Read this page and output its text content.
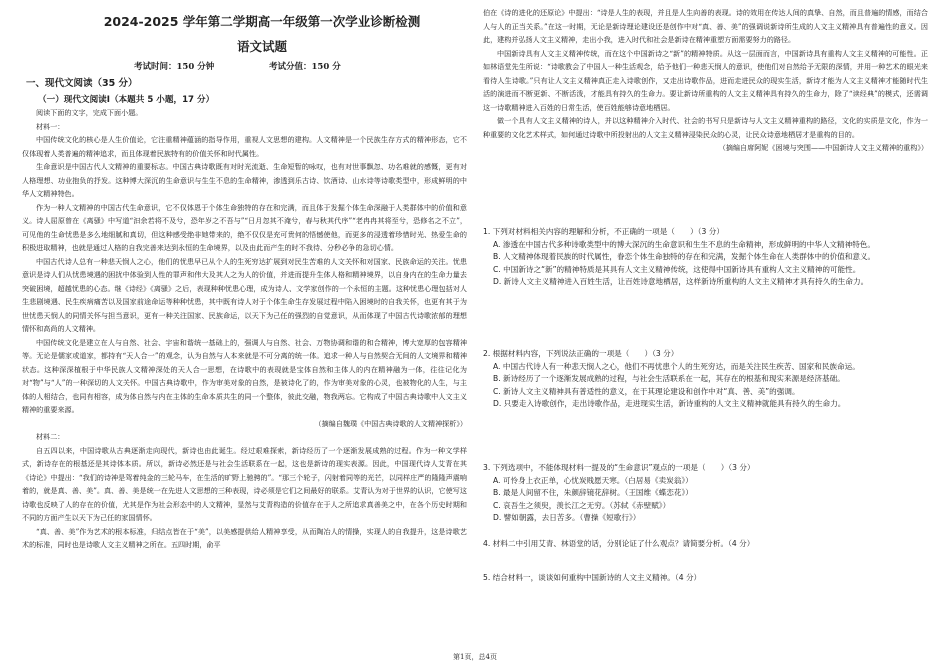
2024-2025 学年第二学期高一年级第一次学业诊断检测
语文试题
考试时间：150 分钟	考试分值：150 分
一、现代文阅读（35 分）
（一）现代文阅读Ⅰ（本题共 5 小题，17 分）

阅读下面的文字，完成下面小题。

材料一：

中国传统文化的核心是人生价值论，它注重精神蕴涵的指导作用，重视人文思想的建构。人文精神是一个民族生存方式的精神形态，它不仅体现着人类普遍的精神追求，而且体现着民族特有的价值关怀和时代属性。

生命意识是中国古代人文精神的重要标志。中国古典诗歌既有对时光流逝、生命短暂的咏叹，也有对世事飘忽、功名难就的感慨，更有对人格理想、功业抱负的抒发。这种博大深沉的生命意识与生生不息的生命精神，渗透到乐古诗、饮酒诗、山水诗等诗歌类型中，形成鲜明的中华人文精神特色。

作为一种人文精神的中国古代生命意识，它不仅体恩于个体生命独特的存在和完满，而且体于发掘个体生命深融于人类群体中的价值和意义。诗人屈原曾在《离骚》中写道“汩余若将不及兮，恐年岁之不吾与”“日月忽其不淹兮，春与秋其代序”“老冉冉其将至兮，恐修名之不立”，可见他的生命忧患是多么地细腻和真切，但这种感受绝非她带来的，绝不仅仅是充可贵何的悟憾使他，而更多的浸透着珍惜时光、热爱生命的积极进取精神，也就是通过人格的自我完善来达到永恒的生命境界，以及由此而产生的时不我待、分秒必争的急切心情。

中国古代诗人总有一种悲天悯人之心，他们的忧患早已从个人的生死穷达扩展到对民生苦难的人文关怀和对国家、民族命运的关注。忧患意识是诗人们从忧患境遇的困扰中体验到人性的罪声和伟大及其人之为人的价值，并进而提升生体人格和精神境界，以自身内在的生命力量去突破困境，超越忧患的心态。继《诗经》《离骚》之后，表现种种忧患心理，成为诗人、文学家创作的一个永恒的主题。这种忧患心理包括对人生悲剧境遇、民生疾病痛苦以及国家前途命运等种种忧患，其中既有诗人对于个体生命生存发展过程中陷入困境时的自我关怀，也更有其于为世忧患天悯人的同情关怀与担当意识，更有一种关注国家、民族命运，以天下为己任的强烈的自觉意识，从而体现了中国古代诗歌浓郁的理想情怀和高尚的人文精神。

中国传统文化是建立在人与自然、社会、宇宙和谐统一基础上的，强调人与自然、社会、万物协调和谐的和合精神，博大宽厚的包容精神等。无论是儒家或道家，都持有“天人合一”的观念，认为自然与人本来就是不可分离的统一体。追求一种人与自然契合无间的人文境界和精神状态。这种深深植根于中华民族人文精神深处的天人合一思想，在诗歌中的表现就是宝体自然和主体人的内在精神融为一体，往往记化为对“物”与“人”的一种深切的人文关怀。中国古典诗歌中，作为审美对象的自然，是被诗化了的，作为审美对象的心灵，也被物化的人生，与主体的人相结合，也同有相容，成为体自然与内在主体的生命本质共生的同一个整体，彼此交融，物我两忘。它构成了中国古典诗歌中人文主义精神的重要来源。

（摘编自魏璞《中国古典诗歌的人文精神探析》）

材料二：

自五四以来，中国诗歌从古典逐渐走向现代，新诗也由此诞生。经过艰难探索，新诗经历了一个逐渐发展成熟的过程。作为一种文学样式，新诗存在的根基还是其诗体本质。所以，新诗必然还是与社会生活联系在一起，这也是新诗的现实表源。因此，中国现代诗人艾青在其《诗论》中提出：“我们的诗神是驾着纯金的三轮马车，在生活的旷野上驰骋的”。“那三个轮子，闪射着同等的光芒，以同样庄严的隆隆声震响着的，就是真、善、美”。真、善、美是统一在先进人文思想的三种表现，诗必须是它们之间最好的联系。艾青认为对于世界的认识，它使写这诗歌也反映了人的存在的价值，尤其是作为社会形态中的人文精神，显然与艾青构造的价值存在于人之所追求真善美之中，在各个历史时期和不同的方面产生以天下为己任的家国情怀。

“真、善、美”作为艺术的根本标准，归结点皆在于“美”，以美感提供给人精神享受，从而陶冶人的情操，实现人的自我提升，这是诗歌艺术的标准，同时也是诗歌人文主义精神之所在。五四时期，俞平

伯在《诗的进化的还原论》中提出：“诗是人生的表现，并且是人生向善的表现。诗的效用在传达人间的真挚、自然，而且普遍的情感，而结合人与人的正当关系。”在这一时期，无论是新诗理论建设还是创作中对“真、善、美”的强调说新诗所生成的人文主义精神具有普遍性的意义。因此，建构并弘扬人文主义精神，走出小我，进入时代和社会是新诗在精神重塑方面需要努力的路径。

中国新诗具有人文主义精神传统，而在这个中国新诗之“新”的精神特质。从这一层面而言，中国新诗具有重构人文主义精神的可能性。正如林语堂先生所说：“诗歌教会了中国人一种生活观念，给予他们一种悲天悯人的意识，使他们对自然给予无限的深情，并用一种艺术的眼光来看待人生诗歌。”只有让人文主义精神真正走入诗歌创作，又走出诗歌作品，进而走进民众的现实生活，新诗才能为人文主义精神才能随时代生活的演进而不断更新、不断活泼，才能具有持久的生命力。要让新诗所重构的人文主义精神具有持久的生命力，除了“读经典”的模式，还需调这一诗歌精神进入百姓的日常生活，使百姓能够诗意地栖居。

做一个具有人文主义精神的诗人，并以这种精神介入时代、社会的书写只是新诗与人文主义精神重构的路径，文化的实质是文化，作为一种重要的文化艺术样式，如何通过诗歌中所投射出的人文主义精神浸染民众的心灵，让民众诗意地栖居才是重构的目的。

（摘编自席阿妮《困境与突围——中国新诗人文主义精神的重构》）

1. 下列对材料相关内容的理解和分析，不正确的一项是（　　）（3 分）

A. 渗透在中国古代多种诗歌类型中的博大深沉的生命意识和生生不息的生命精神，形成鲜明的中华人文精神特色。

B. 人文精神体现着民族的时代属性，眷恋个体生命独特的存在和完满，发掘个体生命在人类群体中的价值和意义。

C. 中国新诗之“新”的精神特质是其具有人文主义精神传统，这使得中国新诗具有重构人文主义精神的可能性。

D. 新诗人文主义精神进入百姓生活，让百姓诗意地栖居，这样新诗所重构的人文主义精神才具有持久的生命力。

2. 根据材料内容，下列说法正确的一项是（　　）（3 分）

A. 中国古代诗人有一种悲天悯人之心，他们不再忧患个人的生死穷达，而是关注民生疾苦、国家和民族命运。

B. 新诗经历了一个逐渐发展成熟的过程，与社会生活联系在一起，其存在的根基和现实来源是经济基础。

C. 新诗人文主义精神具有普适性的意义，在于其理论建设和创作中对“真、善、美”的强调。

D. 只要走入诗歌创作，走出诗歌作品，走进现实生活，新诗重构的人文主义精神就能具有持久的生命力。

3. 下列选项中，不能体现材料一提及的“生命意识”观点的一项是（　　）（3 分）

A. 可怜身上衣正单，心忧炭贱愿天寒。（白居易《卖炭翁》）

B. 最是人间留不住，朱颜辞镜花辞树。（王国维《蝶恋花》）

C. 哀吾生之须臾，羡长江之无穷。（苏轼《赤壁赋》）

D. 譬如朝露，去日苦多。（曹操《短歌行》）

4. 材料二中引用艾青、林语堂的话，分别论证了什么观点？请简要分析。（4 分）

5. 结合材料一，谈谈如何重构中国新诗的人文主义精神。（4 分）

第1页，总4页
